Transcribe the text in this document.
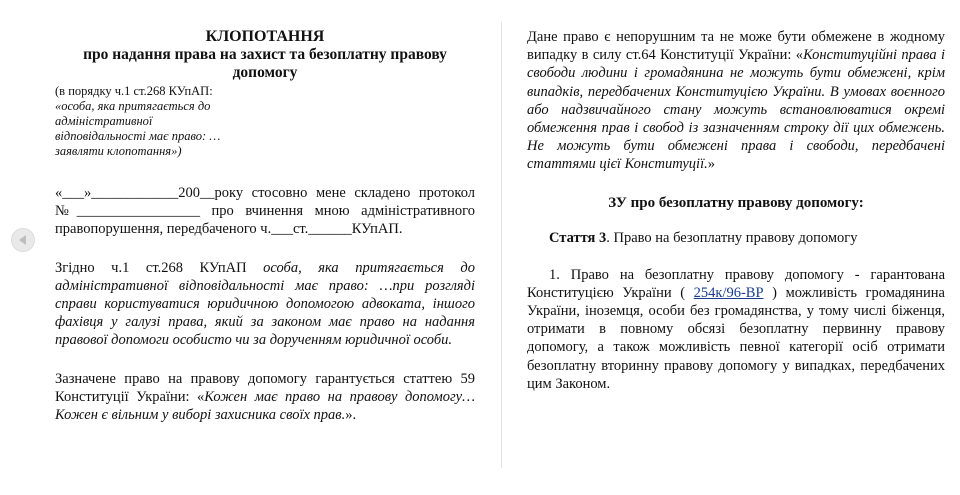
КЛОПОТАННЯ

про надання права на захист та безоплатну правову допомогу

(в порядку ч.1 ст.268 КУпАП:
«особа, яка притягається до адміністративної відповідальності має право: …заявляти клопотання»)

«___»____________200__року стосовно мене складено протокол №_________________ про вчинення мною адміністративного правопорушення, передбаченого ч.___ст.______КУпАП.

Згідно ч.1 ст.268 КУпАП особа, яка притягається до адміністративної відповідальності має право: …при розгляді справи користуватися юридичною допомогою адвоката, іншого фахівця у галузі права, який за законом має право на надання правової допомоги особисто чи за дорученням юридичної особи.

Зазначене право на правову допомогу гарантується статтею 59 Конституції України: «Кожен має право на правову допомогу… Кожен є вільним у виборі захисника своїх прав.».

Дане право є непорушним та не може бути обмежене в жодному випадку в силу ст.64 Конституції України: «Конституційні права і свободи людини і громадянина не можуть бути обмежені, крім випадків, передбачених Конституцією України. В умовах воєнного або надзвичайного стану можуть встановлюватися окремі обмеження прав і свобод із зазначенням строку дії цих обмежень. Не можуть бути обмежені права і свободи, передбачені статтями цієї Конституції.»

ЗУ про безоплатну правову допомогу:

Стаття 3. Право на безоплатну правову допомогу

1. Право на безоплатну правову допомогу - гарантована Конституцією України ( 254к/96-ВР ) можливість громадянина України, іноземця, особи без громадянства, у тому числі біженця, отримати в повному обсязі безоплатну первинну правову допомогу, а також можливість певної категорії осіб отримати безоплатну вторинну правову допомогу у випадках, передбачених цим Законом.
